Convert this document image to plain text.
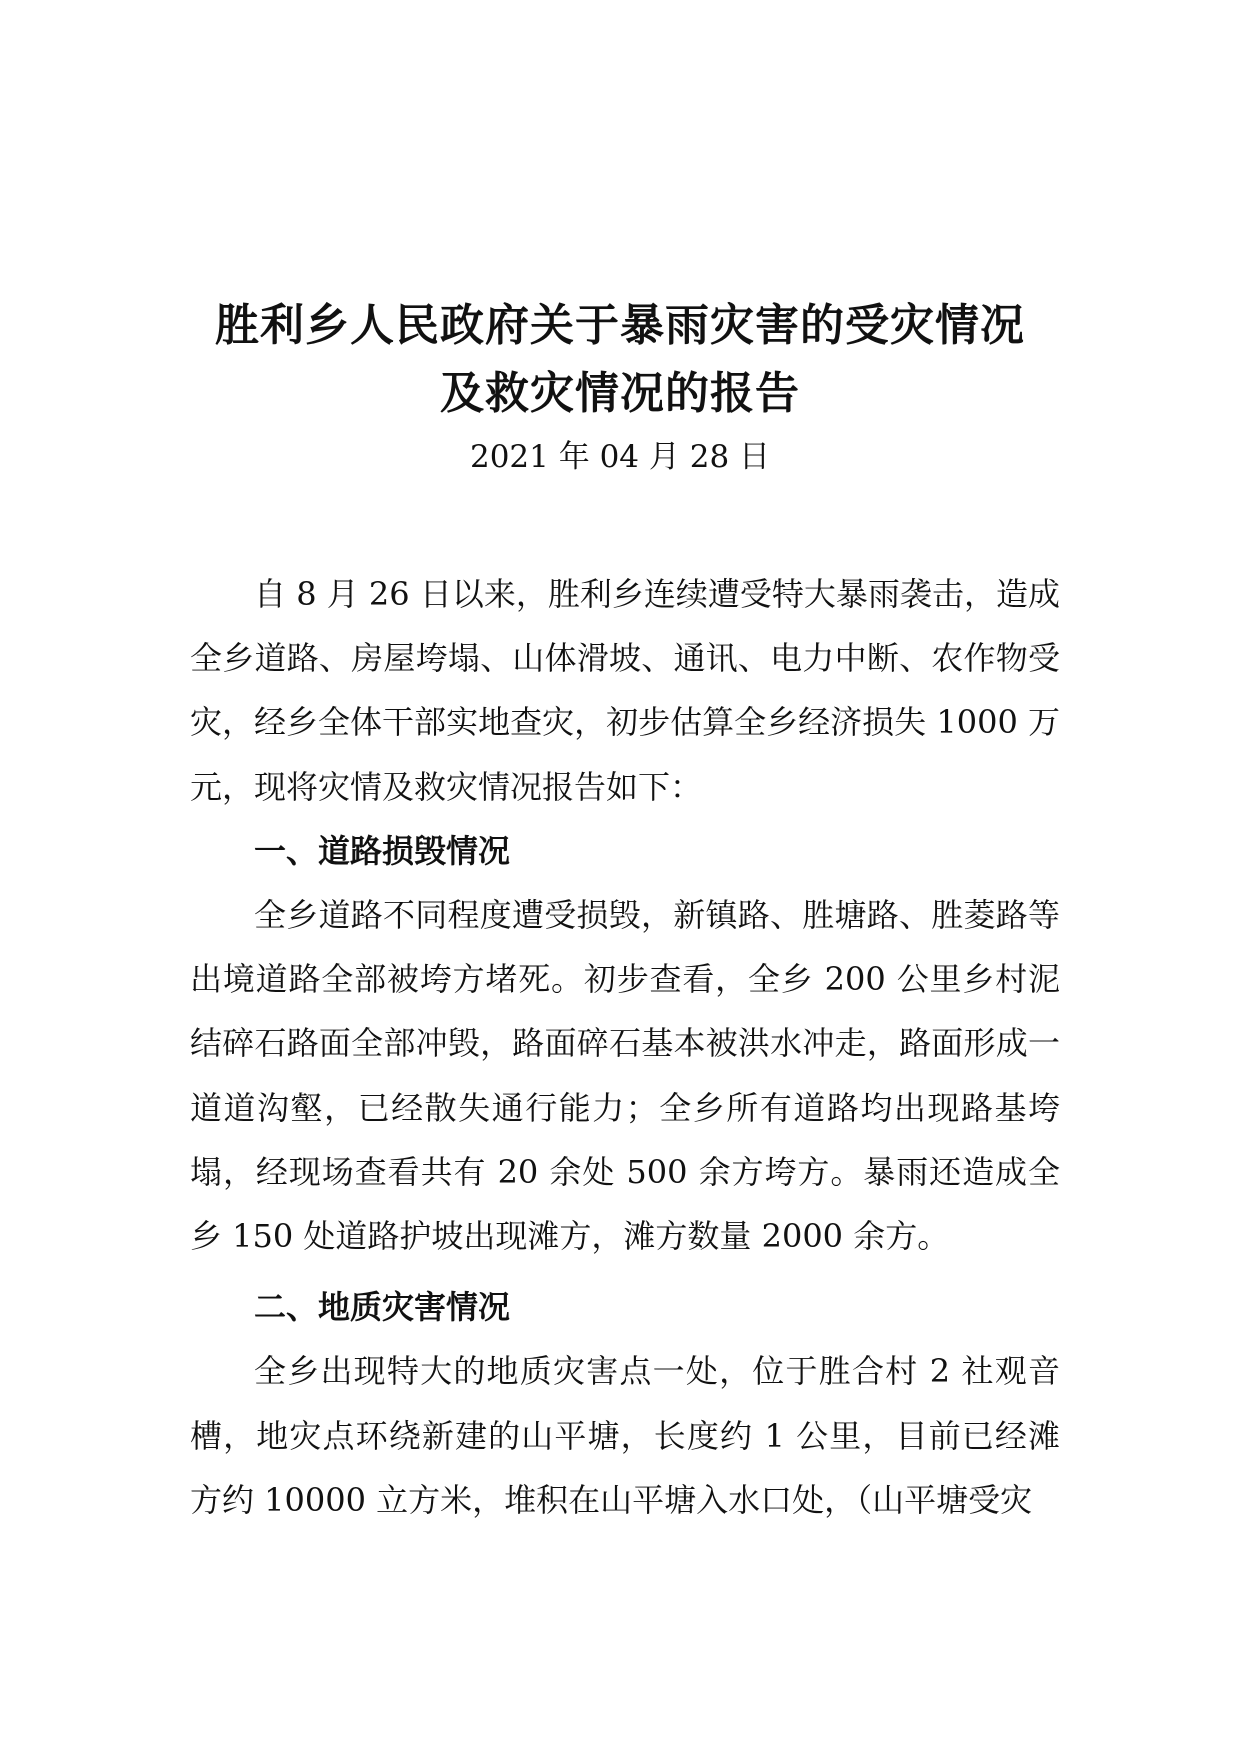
胜利乡人民政府关于暴雨灾害的受灾情况
及救灾情况的报告
2021 年 04 月 28 日

自 8 月 26 日以来，胜利乡连续遭受特大暴雨袭击，造成全乡道路、房屋垮塌、山体滑坡、通讯、电力中断、农作物受灾，经乡全体干部实地查灾，初步估算全乡经济损失 1000 万元，现将灾情及救灾情况报告如下：

一、道路损毁情况

全乡道路不同程度遭受损毁，新镇路、胜塘路、胜菱路等出境道路全部被垮方堵死。初步查看，全乡 200 公里乡村泥结碎石路面全部冲毁，路面碎石基本被洪水冲走，路面形成一道道沟壑，已经散失通行能力；全乡所有道路均出现路基垮塌，经现场查看共有 20 余处 500 余方垮方。暴雨还造成全乡 150 处道路护坡出现滩方，滩方数量 2000 余方。

二、地质灾害情况

全乡出现特大的地质灾害点一处，位于胜合村 2 社观音槽，地灾点环绕新建的山平塘，长度约 1 公里，目前已经滩方约 10000 立方米，堆积在山平塘入水口处，（山平塘受灾
